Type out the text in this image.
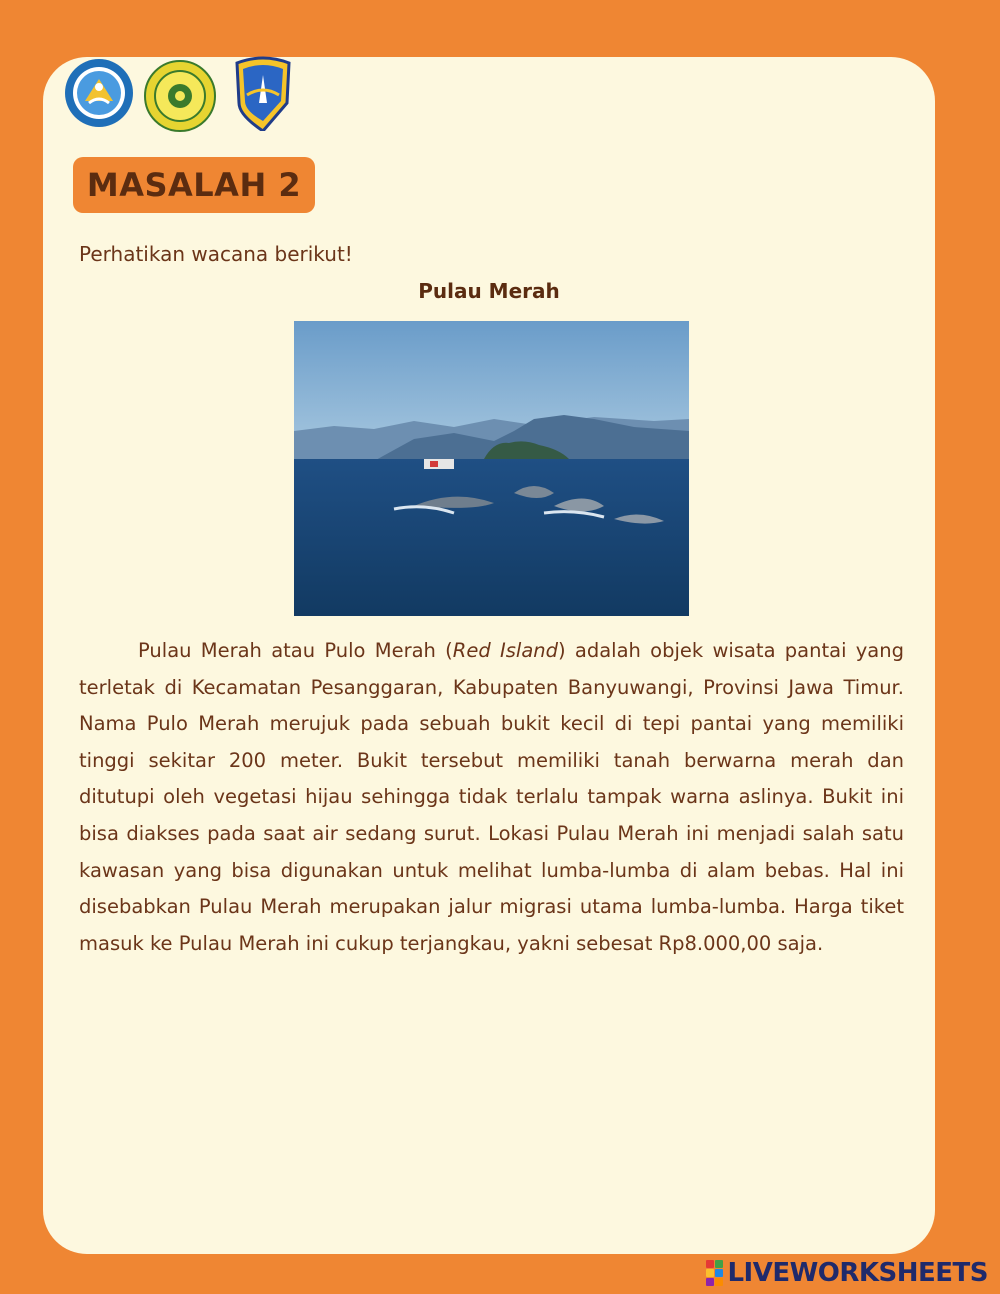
MASALAH 2
Perhatikan wacana berikut!
Pulau Merah

Pulau Merah atau Pulo Merah (Red Island) adalah objek wisata pantai yang terletak di Kecamatan Pesanggaran, Kabupaten Banyuwangi, Provinsi Jawa Timur. Nama Pulo Merah merujuk pada sebuah bukit kecil di tepi pantai yang memiliki tinggi sekitar 200 meter. Bukit tersebut memiliki tanah berwarna merah dan ditutupi oleh vegetasi hijau sehingga tidak terlalu tampak warna aslinya. Bukit ini bisa diakses pada saat air sedang surut. Lokasi Pulau Merah ini menjadi salah satu kawasan yang bisa digunakan untuk melihat lumba-lumba di alam bebas. Hal ini disebabkan Pulau Merah merupakan jalur migrasi utama lumba-lumba. Harga tiket masuk ke Pulau Merah ini cukup terjangkau, yakni sebesat Rp8.000,00 saja.

LIVEWORKSHEETS
